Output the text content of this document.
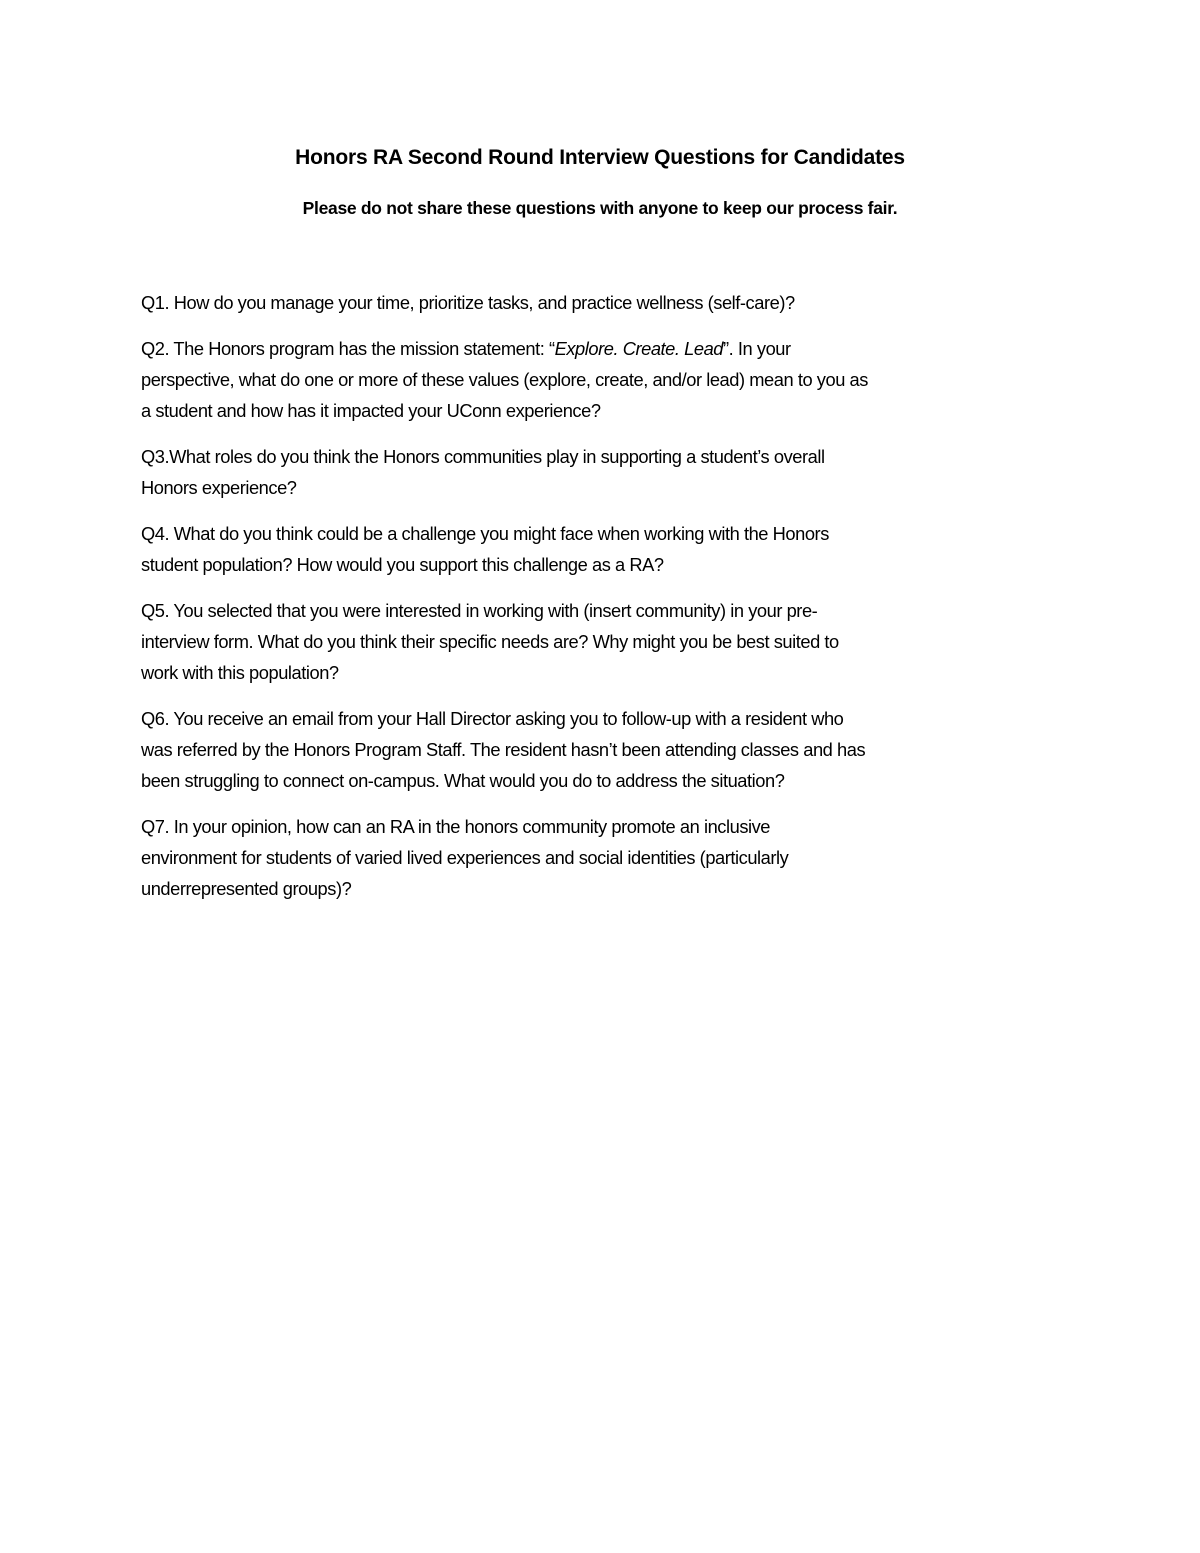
Honors RA Second Round Interview Questions for Candidates
Please do not share these questions with anyone to keep our process fair.
Q1. How do you manage your time, prioritize tasks, and practice wellness (self-care)?
Q2. The Honors program has the mission statement: “Explore. Create. Lead”. In your
perspective, what do one or more of these values (explore, create, and/or lead) mean to you as
a student and how has it impacted your UConn experience?
Q3.What roles do you think the Honors communities play in supporting a student’s overall
Honors experience?
Q4. What do you think could be a challenge you might face when working with the Honors
student population? How would you support this challenge as a RA?
Q5. You selected that you were interested in working with (insert community) in your pre-
interview form. What do you think their specific needs are? Why might you be best suited to
work with this population?
Q6. You receive an email from your Hall Director asking you to follow-up with a resident who
was referred by the Honors Program Staff. The resident hasn’t been attending classes and has
been struggling to connect on-campus. What would you do to address the situation?
Q7. In your opinion, how can an RA in the honors community promote an inclusive
environment for students of varied lived experiences and social identities (particularly
underrepresented groups)?
